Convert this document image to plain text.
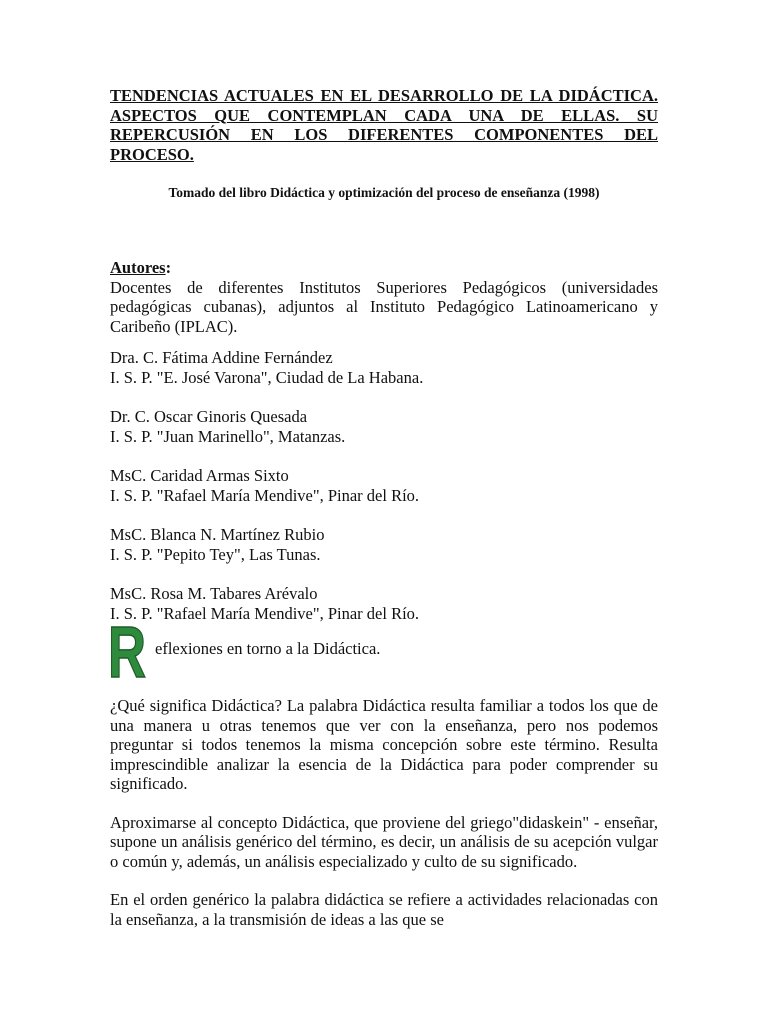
TENDENCIAS ACTUALES EN EL DESARROLLO DE LA DIDÁCTICA. ASPECTOS QUE CONTEMPLAN CADA UNA DE ELLAS. SU REPERCUSIÓN EN LOS DIFERENTES COMPONENTES DEL PROCESO.

Tomado del libro Didáctica y optimización del proceso de enseñanza (1998)

Autores:

Docentes de diferentes Institutos Superiores Pedagógicos (universidades pedagógicas cubanas), adjuntos al Instituto Pedagógico Latinoamericano y Caribeño (IPLAC).

Dra. C. Fátima Addine Fernández
I. S. P. "E. José Varona", Ciudad de La Habana.
Dr. C. Oscar Ginoris Quesada
I. S. P. "Juan Marinello", Matanzas.
MsC. Caridad Armas Sixto
I. S. P. "Rafael María Mendive", Pinar del Río.
MsC. Blanca N. Martínez Rubio
I. S. P. "Pepito Tey", Las Tunas.
MsC. Rosa M. Tabares Arévalo
I. S. P. "Rafael María Mendive", Pinar del Río.
R eflexiones en torno a la Didáctica.

¿Qué significa Didáctica? La palabra Didáctica resulta familiar a todos los que de una manera u otras tenemos que ver con la enseñanza, pero nos podemos preguntar si todos tenemos la misma concepción sobre este término. Resulta imprescindible analizar la esencia de la Didáctica para poder comprender su significado.

Aproximarse al concepto Didáctica, que proviene del griego"didaskein" - enseñar, supone un análisis genérico del término, es decir, un análisis de su acepción vulgar o común y, además, un análisis especializado y culto de su significado.

En el orden genérico la palabra didáctica se refiere a actividades relacionadas con la enseñanza, a la transmisión de ideas a las que se
